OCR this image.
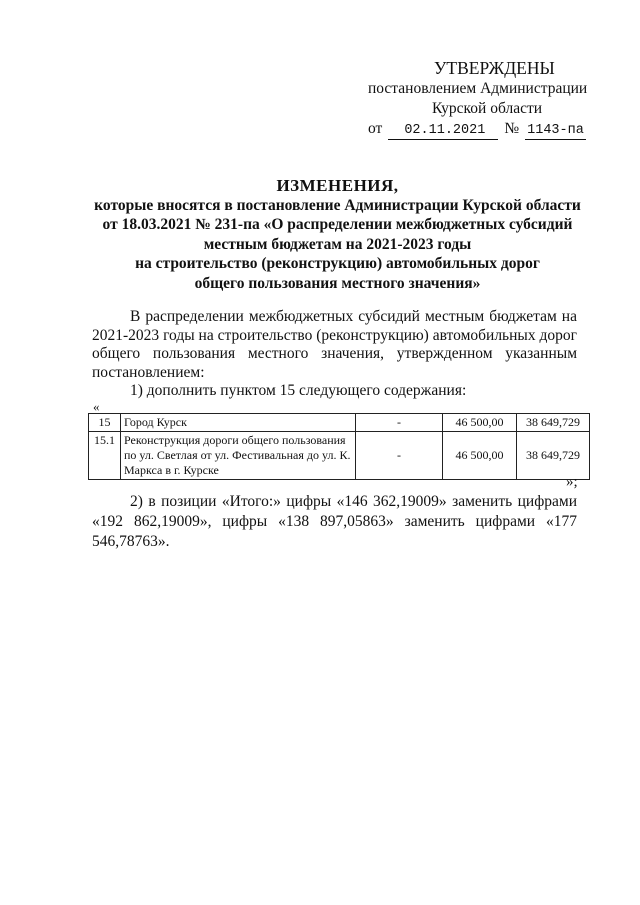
УТВЕРЖДЕНЫ
постановлением Администрации
Курской области
от	02.11.2021	№ 1143-па
ИЗМЕНЕНИЯ,
которые вносятся в постановление Администрации Курской области
от 18.03.2021 № 231-па «О распределении межбюджетных субсидий
местным бюджетам на 2021-2023 годы
на строительство (реконструкцию) автомобильных дорог
общего пользования местного значения»

В распределении межбюджетных субсидий местным бюджетам на 2021-2023 годы на строительство (реконструкцию) автомобильных дорог общего пользования местного значения, утвержденном указанным постановлением:

1) дополнить пунктом 15 следующего содержания:
«
15	Город Курск	-	46 500,00	38 649,729
15.1	Реконструкция дороги общего пользования по ул. Светлая от ул. Фестивальная до ул. К. Маркса в г. Курске	-	46 500,00	38 649,729
»;

2) в позиции «Итого:» цифры «146 362,19009» заменить цифрами «192 862,19009», цифры «138 897,05863» заменить цифрами «177 546,78763».
